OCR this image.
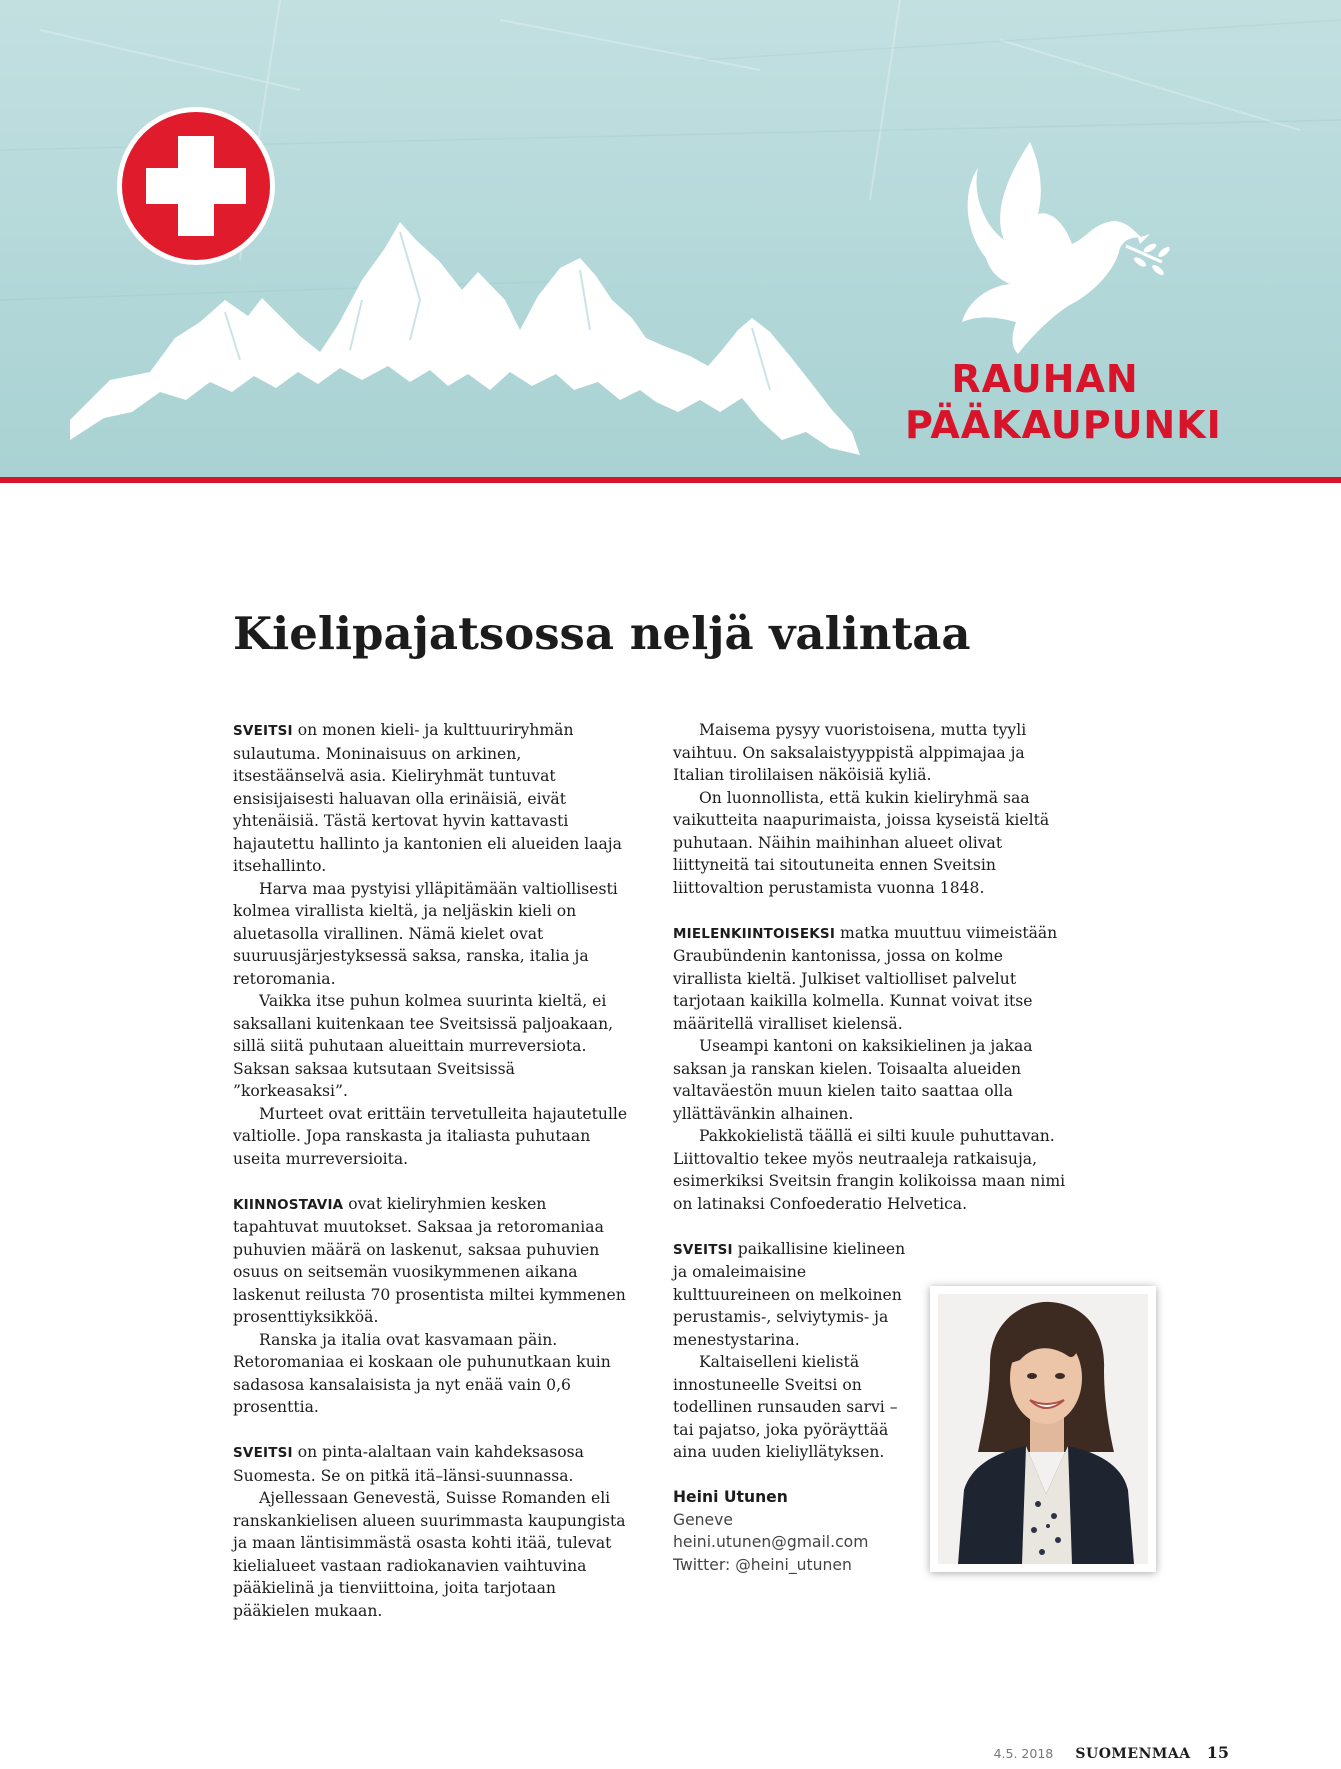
RAUHAN
PÄÄKAUPUNKI
Kielipajatsossa neljä valintaa

SVEITSI on monen kieli- ja kulttuuriryhmän sulautuma. Moninaisuus on arkinen, itsestäänselvä asia. Kieliryhmät tuntuvat ensisijaisesti haluavan olla erinäisiä, eivät yhtenäisiä. Tästä kertovat hyvin kattavasti hajautettu hallinto ja kantonien eli alueiden laaja itsehallinto.

Harva maa pystyisi ylläpitämään valtiollisesti kolmea virallista kieltä, ja neljäskin kieli on aluetasolla virallinen. Nämä kielet ovat suuruusjärjestyksessä saksa, ranska, italia ja retoromania.

Vaikka itse puhun kolmea suurinta kieltä, ei saksallani kuitenkaan tee Sveitsissä paljoakaan, sillä siitä puhutaan alueittain murreversiota. Saksan saksaa kutsutaan Sveitsissä ”korkeasaksi”.

Murteet ovat erittäin tervetulleita hajautetulle valtiolle. Jopa ranskasta ja italiasta puhutaan useita murreversioita.

KIINNOSTAVIA ovat kieliryhmien kesken tapahtuvat muutokset. Saksaa ja retoromaniaa puhuvien määrä on laskenut, saksaa puhuvien osuus on seitsemän vuosikymmenen aikana laskenut reilusta 70 prosentista miltei kymmenen prosenttiyksikköä.

Ranska ja italia ovat kasvamaan päin. Retoromaniaa ei koskaan ole puhunutkaan kuin sadasosa kansalaisista ja nyt enää vain 0,6 prosenttia.

SVEITSI on pinta-alaltaan vain kahdeksasosa Suomesta. Se on pitkä itä–länsi-suunnassa.

Ajellessaan Genevestä, Suisse Romanden eli ranskankielisen alueen suurimmasta kaupungista ja maan läntisimmästä osasta kohti itää, tulevat kielialueet vastaan radiokanavien vaihtuvina pääkielinä ja tienviittoina, joita tarjotaan pääkielen mukaan.

Maisema pysyy vuoristoisena, mutta tyyli vaihtuu. On saksalaistyyppistä alppimajaa ja Italian tirolilaisen näköisiä kyliä.

On luonnollista, että kukin kieliryhmä saa vaikutteita naapurimaista, joissa kyseistä kieltä puhutaan. Näihin maihinhan alueet olivat liittyneitä tai sitoutuneita ennen Sveitsin liittovaltion perustamista vuonna 1848.

MIELENKIINTOISEKSI matka muuttuu viimeistään Graubündenin kantonissa, jossa on kolme virallista kieltä. Julkiset valtiolliset palvelut tarjotaan kaikilla kolmella. Kunnat voivat itse määritellä viralliset kielensä.

Useampi kantoni on kaksikielinen ja jakaa saksan ja ranskan kielen. Toisaalta alueiden valtaväestön muun kielen taito saattaa olla yllättävänkin alhainen.

Pakkokielistä täällä ei silti kuule puhuttavan. Liittovaltio tekee myös neutraaleja ratkaisuja, esimerkiksi Sveitsin frangin kolikoissa maan nimi on latinaksi Confoederatio Helvetica.

SVEITSI paikallisine kielineen ja omaleimaisine kulttuureineen on melkoinen perustamis-, selviytymis- ja menestystarina.

Kaltaiselleni kielistä innostuneelle Sveitsi on todellinen runsauden sarvi – tai pajatso, joka pyöräyttää aina uuden kieliyllätyksen.

Heini Utunen
Geneve
heini.utunen@gmail.com
Twitter: @heini_utunen
4.5. 2018 SUOMENMAA 15
